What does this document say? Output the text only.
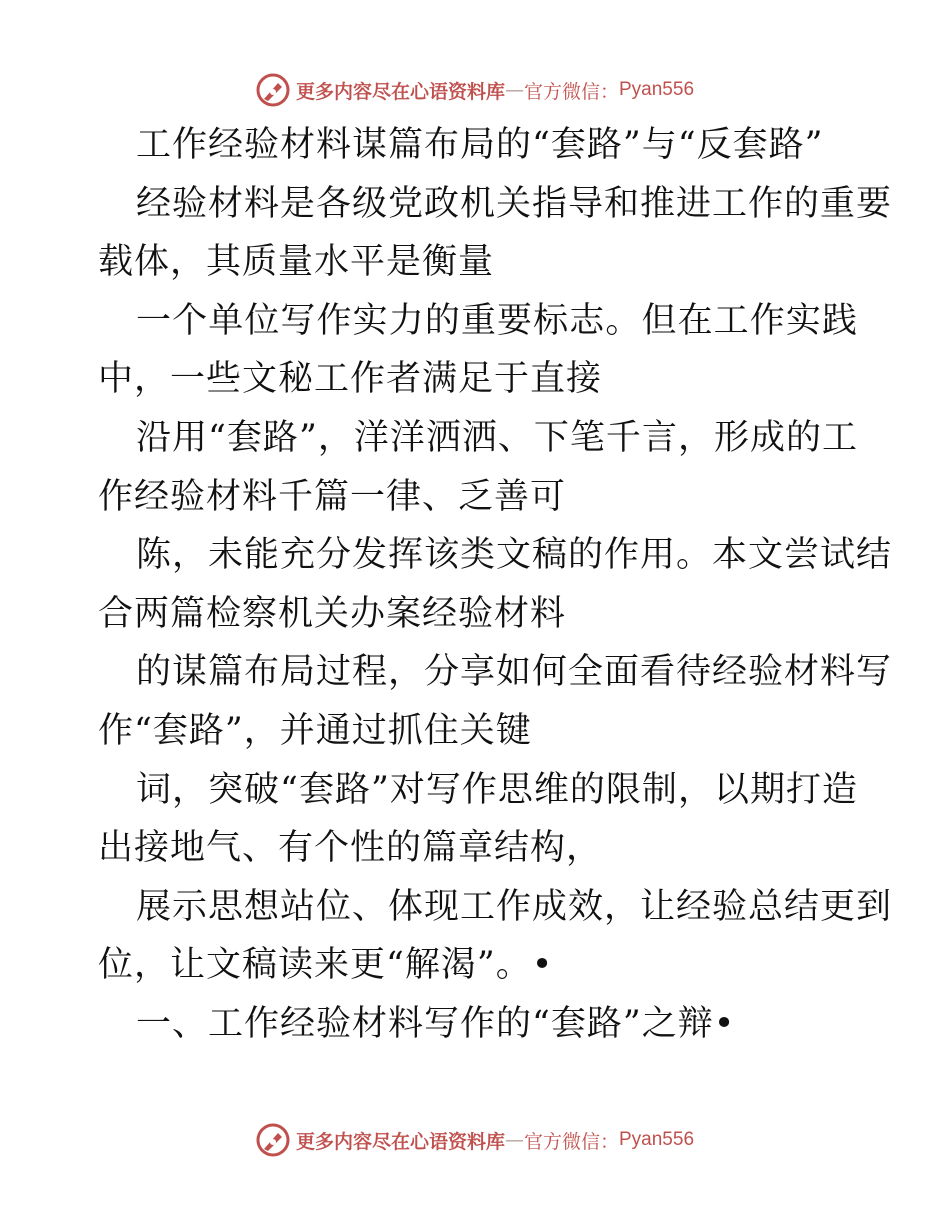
更多内容尽在心语资料库 — 官方微信： Pyan556
工作经验材料谋篇布局的“套路”与“反套路”
经验材料是各级党政机关指导和推进工作的重要
载体，其质量水平是衡量
一个单位写作实力的重要标志。但在工作实践
中，一些文秘工作者满足于直接
沿用“套路”，洋洋洒洒、下笔千言，形成的工
作经验材料千篇一律、乏善可
陈，未能充分发挥该类文稿的作用。本文尝试结
合两篇检察机关办案经验材料
的谋篇布局过程，分享如何全面看待经验材料写
作“套路”，并通过抓住关键
词，突破“套路”对写作思维的限制，以期打造
出接地气、有个性的篇章结构，
展示思想站位、体现工作成效，让经验总结更到
位，让文稿读来更“解渴”。•
一、工作经验材料写作的“套路”之辩•
更多内容尽在心语资料库 — 官方微信： Pyan556
